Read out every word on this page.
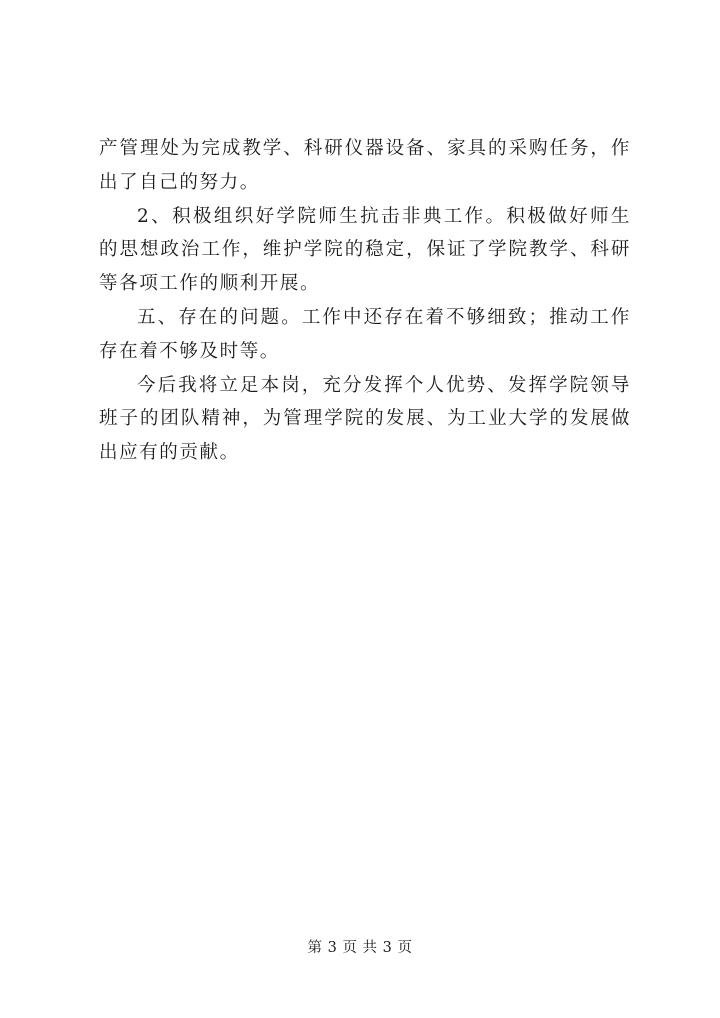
产管理处为完成教学、科研仪器设备、家具的采购任务，作出了自己的努力。

2、积极组织好学院师生抗击非典工作。积极做好师生的思想政治工作，维护学院的稳定，保证了学院教学、科研等各项工作的顺利开展。

五、存在的问题。工作中还存在着不够细致；推动工作存在着不够及时等。

今后我将立足本岗，充分发挥个人优势、发挥学院领导班子的团队精神，为管理学院的发展、为工业大学的发展做出应有的贡献。

第 3 页 共 3 页
